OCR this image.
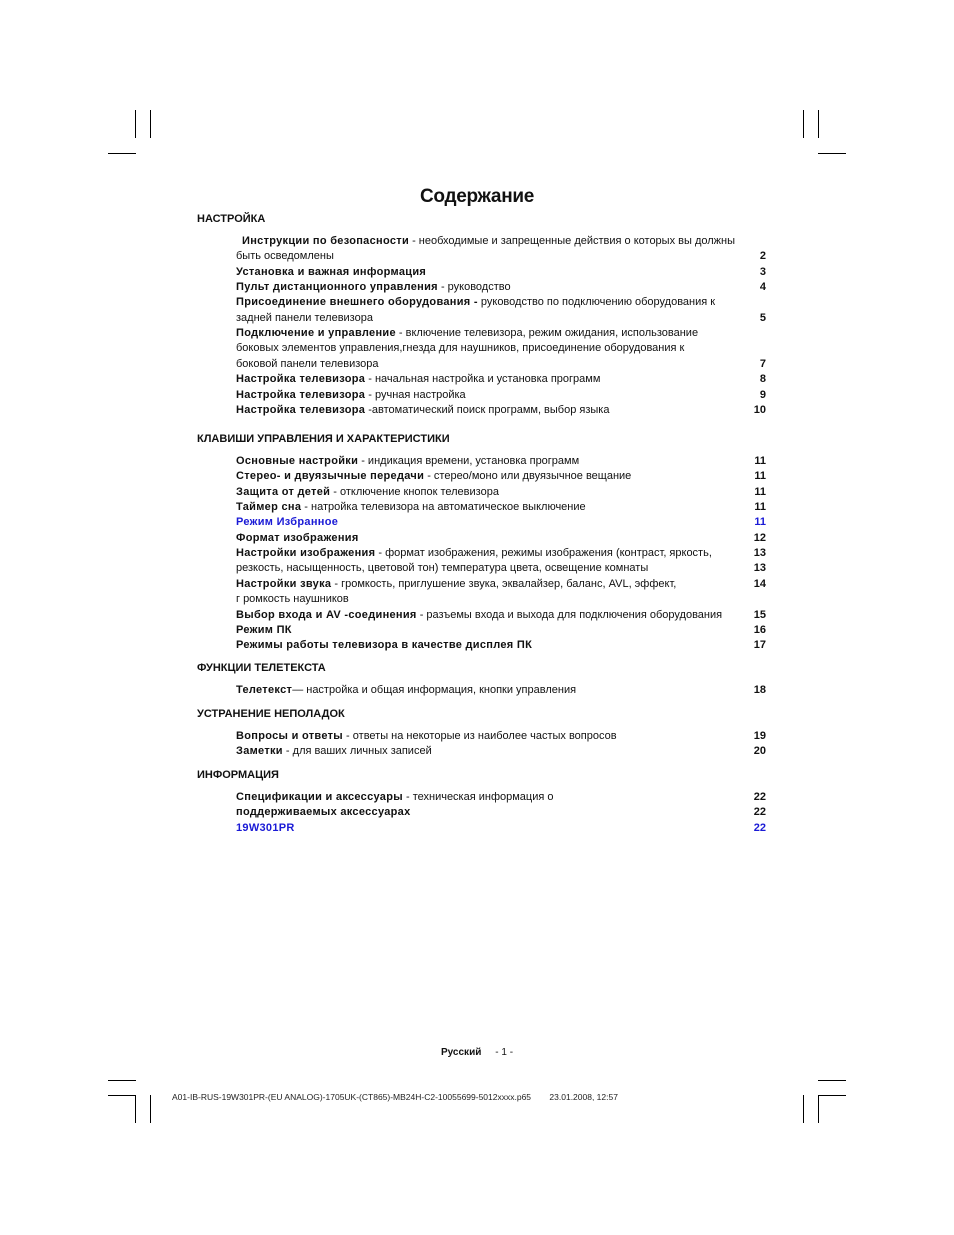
Содержание
НАСТРОЙКА
Инструкции по безопасности - необходимые и запрещенные действия о которых вы должны
быть осведомлены	2
Установка и важная информация	3
Пульт дистанционного управления - руководство	4
Присоединение внешнего оборудования - руководство по подключению оборудования к
задней панели телевизора	5
Подключение и управление - включение телевизора, режим ожидания, использование
боковых элементов управления,гнезда для наушников, присоединение оборудования к
боковой панели телевизора	7
Настройка телевизора - начальная настройка и установка программ	8
Настройка телевизора - ручная настройка	9
Настройка телевизора -автоматический поиск программ, выбор языка	10
КЛАВИШИ УПРАВЛЕНИЯ И ХАРАКТЕРИСТИКИ
Основные настройки - индикация времени, установка программ	11
Стерео- и двуязычные передачи - стерео/моно или двуязычное вещание	11
Защита от детей - отключение кнопок телевизора	11
Таймер сна - натройка телевизора на автоматическое выключение	11
Режим Избранное	11
Формат изображения	12
Настройки изображения - формат изображения, режимы изображения (контраст, яркость,	13
резкость, насыщенность, цветовой тон) температура цвета, освещение комнаты	13
Настройки звука - громкость, приглушение звука, эквалайзер, баланс, AVL, эффект,	14
г ромкость наушников
Выбор входа и AV -соединения - разъемы входа и выхода для подключения оборудования	15
Режим ПК	16
Режимы работы телевизора в качестве дисплея ПК	17
ФУНКЦИИ ТЕЛЕТЕКСТА
Телетекст— настройка и общая информация, кнопки управления	18
УСТРАНЕНИЕ НЕПОЛАДОК
Вопросы и ответы - ответы на некоторые из наиболее частых вопросов	19
Заметки - для ваших личных записей	20
ИНФОРМАЦИЯ
Спецификации и аксессуары - техническая информация о	22
поддерживаемых аксессуарах	22
19W301PR	22
Русский - 1 -
A01-IB-RUS-19W301PR-(EU ANALOG)-1705UK-(CT865)-MB24H-C2-10055699-5012xxxx.p65 23.01.2008, 12:57
